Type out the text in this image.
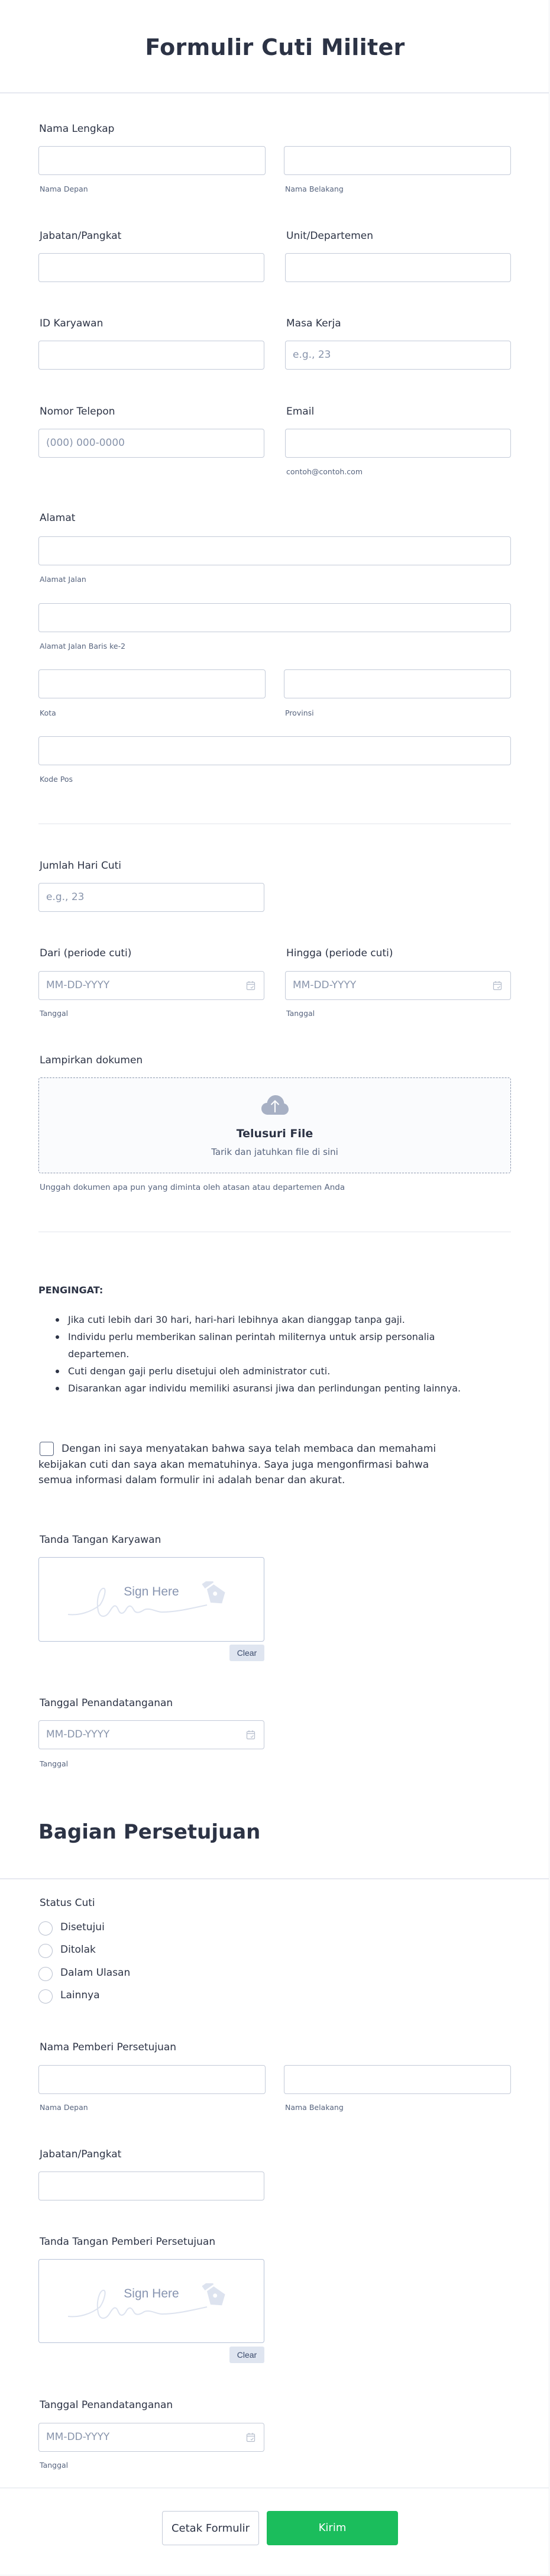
Formulir Cuti Militer
Nama Lengkap
Nama Depan	Nama Belakang
Jabatan/Pangkat	Unit/Departemen
ID Karyawan	Masa Kerja
e.g., 23
Nomor Telepon	Email
(000) 000-0000
contoh@contoh.com
Alamat
Alamat Jalan
Alamat Jalan Baris ke-2
Kota	Provinsi
Kode Pos
Jumlah Hari Cuti
e.g., 23
Dari (periode cuti)	Hingga (periode cuti)
MM-DD-YYYY	MM-DD-YYYY
Tanggal	Tanggal
Lampirkan dokumen
Telusuri File
Tarik dan jatuhkan file di sini
Unggah dokumen apa pun yang diminta oleh atasan atau departemen Anda
PENGINGAT:
Jika cuti lebih dari 30 hari, hari-hari lebihnya akan dianggap tanpa gaji.
Individu perlu memberikan salinan perintah militernya untuk arsip personalia departemen.
Cuti dengan gaji perlu disetujui oleh administrator cuti.
Disarankan agar individu memiliki asuransi jiwa dan perlindungan penting lainnya.
Dengan ini saya menyatakan bahwa saya telah membaca dan memahami
kebijakan cuti dan saya akan mematuhinya. Saya juga mengonfirmasi bahwa
semua informasi dalam formulir ini adalah benar dan akurat.
Tanda Tangan Karyawan
Sign Here
Clear
Tanggal Penandatanganan
MM-DD-YYYY
Tanggal
Bagian Persetujuan
Status Cuti
Disetujui
Ditolak
Dalam Ulasan
Lainnya
Nama Pemberi Persetujuan
Nama Depan	Nama Belakang
Jabatan/Pangkat
Tanda Tangan Pemberi Persetujuan
Sign Here
Clear
Tanggal Penandatanganan
MM-DD-YYYY
Tanggal
Cetak Formulir	Kirim
